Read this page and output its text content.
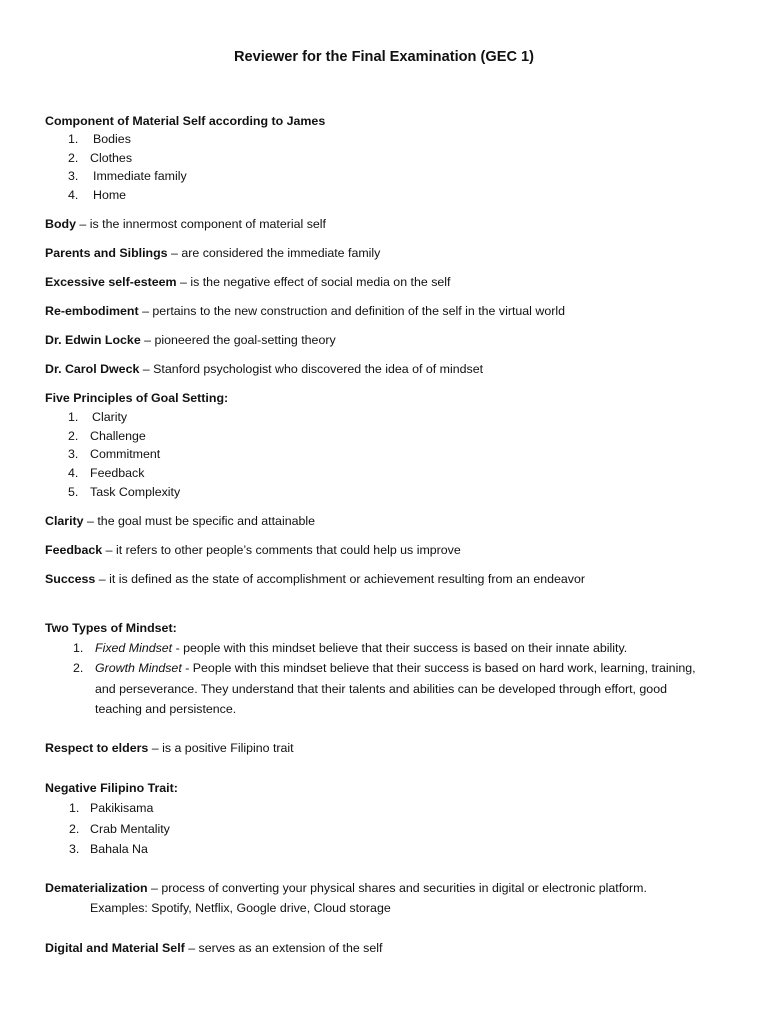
Reviewer for the Final Examination (GEC 1)
Component of Material Self according to James
1. Bodies
2. Clothes
3. Immediate family
4. Home
Body – is the innermost component of material self
Parents and Siblings – are considered the immediate family
Excessive self-esteem – is the negative effect of social media on the self
Re-embodiment – pertains to the new construction and definition of the self in the virtual world
Dr. Edwin Locke – pioneered the goal-setting theory
Dr. Carol Dweck – Stanford psychologist who discovered the idea of of mindset
Five Principles of Goal Setting:
1. Clarity
2. Challenge
3. Commitment
4. Feedback
5. Task Complexity
Clarity – the goal must be specific and attainable
Feedback – it refers to other people’s comments that could help us improve
Success – it is defined as the state of accomplishment or achievement resulting from an endeavor
Two Types of Mindset:
1. Fixed Mindset - people with this mindset believe that their success is based on their innate ability.
2. Growth Mindset - People with this mindset believe that their success is based on hard work, learning, training,
and perseverance. They understand that their talents and abilities can be developed through effort, good
teaching and persistence.
Respect to elders – is a positive Filipino trait
Negative Filipino Trait:
1. Pakikisama
2. Crab Mentality
3. Bahala Na
Dematerialization – process of converting your physical shares and securities in digital or electronic platform.
Examples: Spotify, Netflix, Google drive, Cloud storage
Digital and Material Self – serves as an extension of the self
